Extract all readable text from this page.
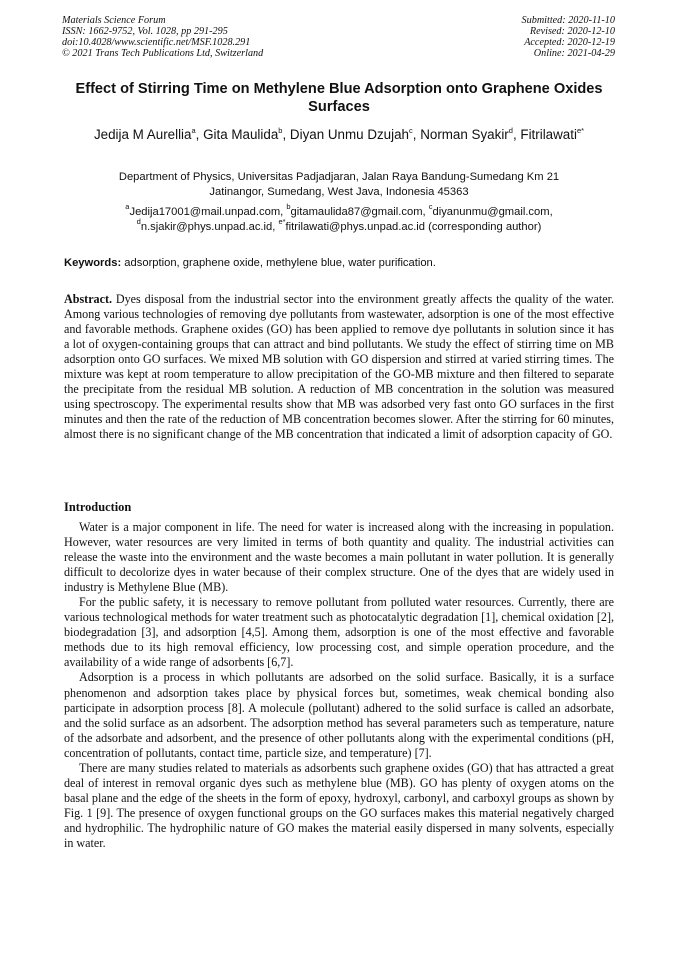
Materials Science Forum
ISSN: 1662-9752, Vol. 1028, pp 291-295
doi:10.4028/www.scientific.net/MSF.1028.291
© 2021 Trans Tech Publications Ltd, Switzerland
Submitted: 2020-11-10
Revised: 2020-12-10
Accepted: 2020-12-19
Online: 2021-04-29
Effect of Stirring Time on Methylene Blue Adsorption onto Graphene Oxides Surfaces
Jedija M Aurellia$^a$, Gita Maulida$^b$, Diyan Unmu Dzujah$^c$, Norman Syakir$^d$, Fitrilawati$^{e*}$
Department of Physics, Universitas Padjadjaran, Jalan Raya Bandung-Sumedang Km 21
Jatinangor, Sumedang, West Java, Indonesia 45363
$^a$Jedija17001@mail.unpad.com, $^b$gitamaulida87@gmail.com, $^c$diyanunmu@gmail.com,
$^d$n.sjakir@phys.unpad.ac.id, $^{e*}$fitrilawati@phys.unpad.ac.id (corresponding author)
Keywords: adsorption, graphene oxide, methylene blue, water purification.
Abstract. Dyes disposal from the industrial sector into the environment greatly affects the quality of the water. Among various technologies of removing dye pollutants from wastewater, adsorption is one of the most effective and favorable methods. Graphene oxides (GO) has been applied to remove dye pollutants in solution since it has a lot of oxygen-containing groups that can attract and bind pollutants. We study the effect of stirring time on MB adsorption onto GO surfaces. We mixed MB solution with GO dispersion and stirred at varied stirring times. The mixture was kept at room temperature to allow precipitation of the GO-MB mixture and then filtered to separate the precipitate from the residual MB solution. A reduction of MB concentration in the solution was measured using spectroscopy. The experimental results show that MB was adsorbed very fast onto GO surfaces in the first minutes and then the rate of the reduction of MB concentration becomes slower. After the stirring for 60 minutes, almost there is no significant change of the MB concentration that indicated a limit of adsorption capacity of GO.
Introduction

Water is a major component in life. The need for water is increased along with the increasing in population. However, water resources are very limited in terms of both quantity and quality. The industrial activities can release the waste into the environment and the waste becomes a main pollutant in water pollution. It is generally difficult to decolorize dyes in water because of their complex structure. One of the dyes that are widely used in industry is Methylene Blue (MB).

For the public safety, it is necessary to remove pollutant from polluted water resources. Currently, there are various technological methods for water treatment such as photocatalytic degradation [1], chemical oxidation [2], biodegradation [3], and adsorption [4,5]. Among them, adsorption is one of the most effective and favorable methods due to its high removal efficiency, low processing cost, and simple operation procedure, and the availability of a wide range of adsorbents [6,7].

Adsorption is a process in which pollutants are adsorbed on the solid surface. Basically, it is a surface phenomenon and adsorption takes place by physical forces but, sometimes, weak chemical bonding also participate in adsorption process [8]. A molecule (pollutant) adhered to the solid surface is called an adsorbate, and the solid surface as an adsorbent. The adsorption method has several parameters such as temperature, nature of the adsorbate and adsorbent, and the presence of other pollutants along with the experimental conditions (pH, concentration of pollutants, contact time, particle size, and temperature) [7].

There are many studies related to materials as adsorbents such graphene oxides (GO) that has attracted a great deal of interest in removal organic dyes such as methylene blue (MB). GO has plenty of oxygen atoms on the basal plane and the edge of the sheets in the form of epoxy, hydroxyl, carbonyl, and carboxyl groups as shown by Fig. 1 [9]. The presence of oxygen functional groups on the GO surfaces makes this material negatively charged and hydrophilic. The hydrophilic nature of GO makes the material easily dispersed in many solvents, especially in water.
